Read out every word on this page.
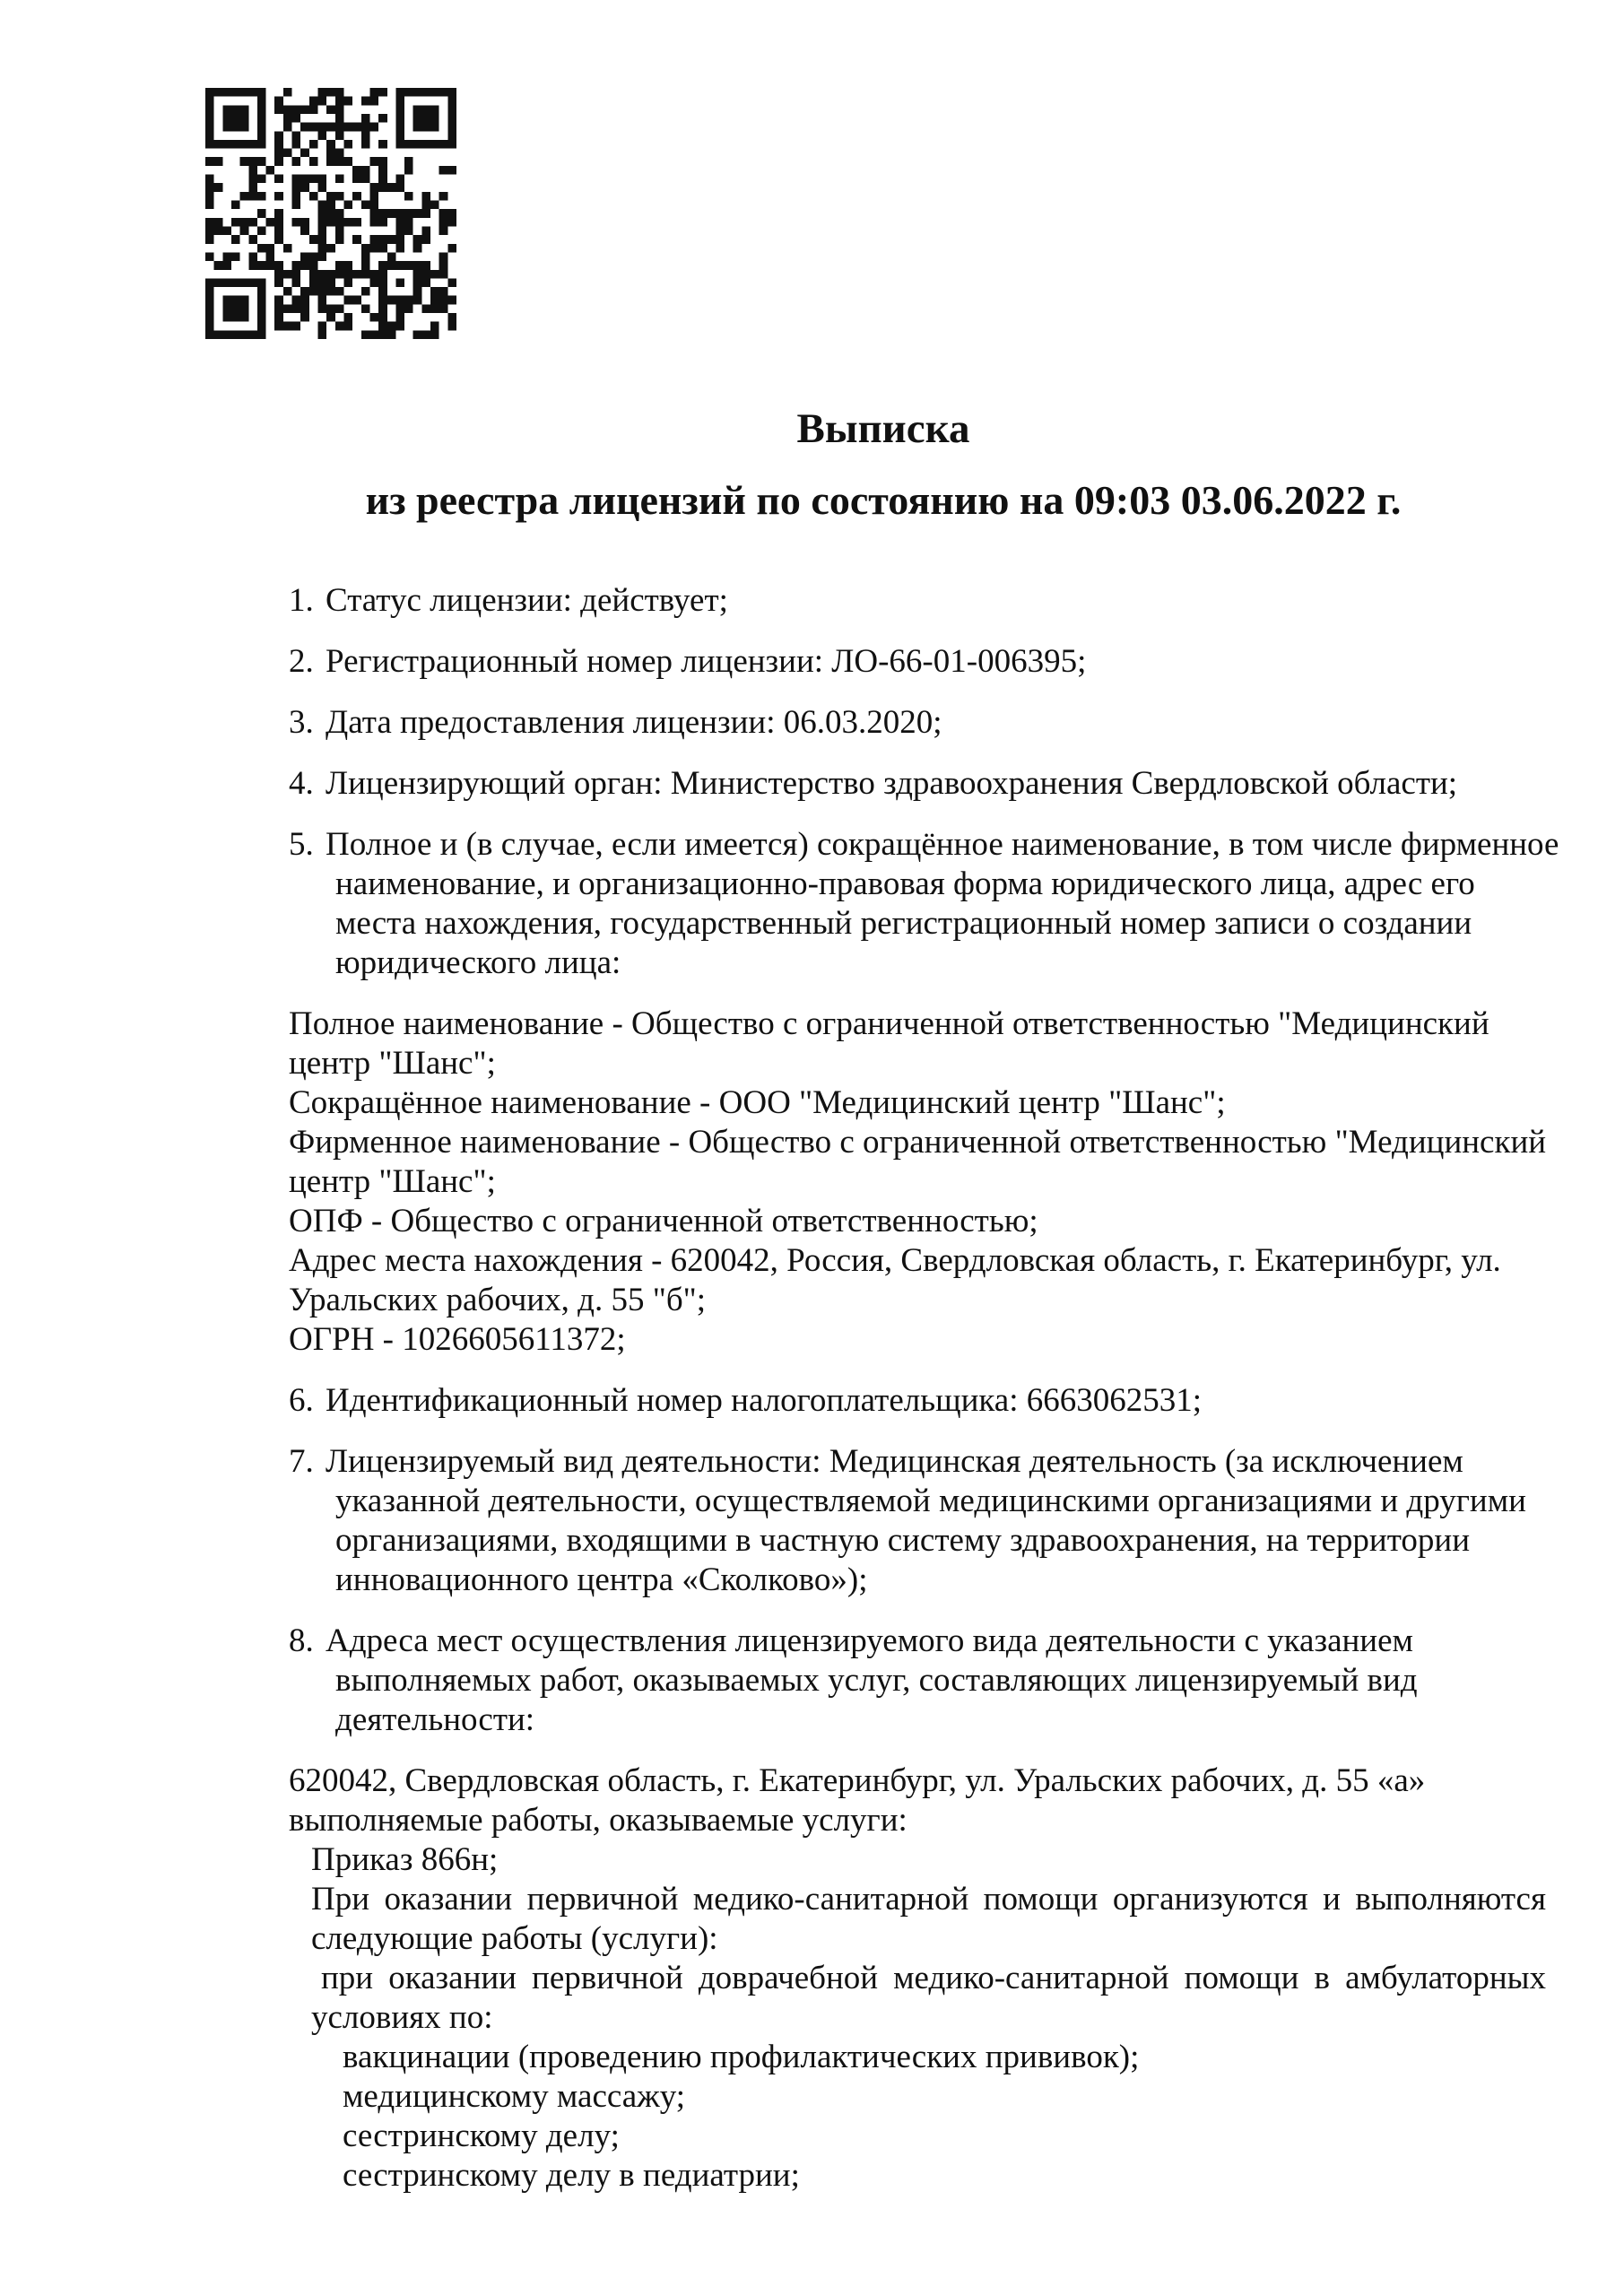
Выписка
из реестра лицензий по состоянию на 09:03 03.06.2022 г.
1. Статус лицензии: действует;
2. Регистрационный номер лицензии: ЛО-66-01-006395;
3. Дата предоставления лицензии: 06.03.2020;
4. Лицензирующий орган: Министерство здравоохранения Свердловской области;
5. Полное и (в случае, если имеется) сокращённое наименование, в том числе фирменное наименование, и организационно-правовая форма юридического лица, адрес его места нахождения, государственный регистрационный номер записи о создании юридического лица:
Полное наименование - Общество с ограниченной ответственностью "Медицинский центр "Шанс";
Сокращённое наименование - ООО "Медицинский центр "Шанс";
Фирменное наименование - Общество с ограниченной ответственностью "Медицинский центр "Шанс";
ОПФ - Общество с ограниченной ответственностью;
Адрес места нахождения - 620042, Россия, Свердловская область, г. Екатеринбург, ул. Уральских рабочих, д. 55 "б";
ОГРН - 1026605611372;
6. Идентификационный номер налогоплательщика: 6663062531;
7. Лицензируемый вид деятельности: Медицинская деятельность (за исключением указанной деятельности, осуществляемой медицинскими организациями и другими организациями, входящими в частную систему здравоохранения, на территории инновационного центра «Сколково»);
8. Адреса мест осуществления лицензируемого вида деятельности с указанием выполняемых работ, оказываемых услуг, составляющих лицензируемый вид деятельности:
620042, Свердловская область, г. Екатеринбург, ул. Уральских рабочих, д. 55 «а»
выполняемые работы, оказываемые услуги:
Приказ 866н;
При оказании первичной медико-санитарной помощи организуются и выполняются следующие работы (услуги):
при оказании первичной доврачебной медико-санитарной помощи в амбулаторных условиях по:
вакцинации (проведению профилактических прививок);
медицинскому массажу;
сестринскому делу;
сестринскому делу в педиатрии;
